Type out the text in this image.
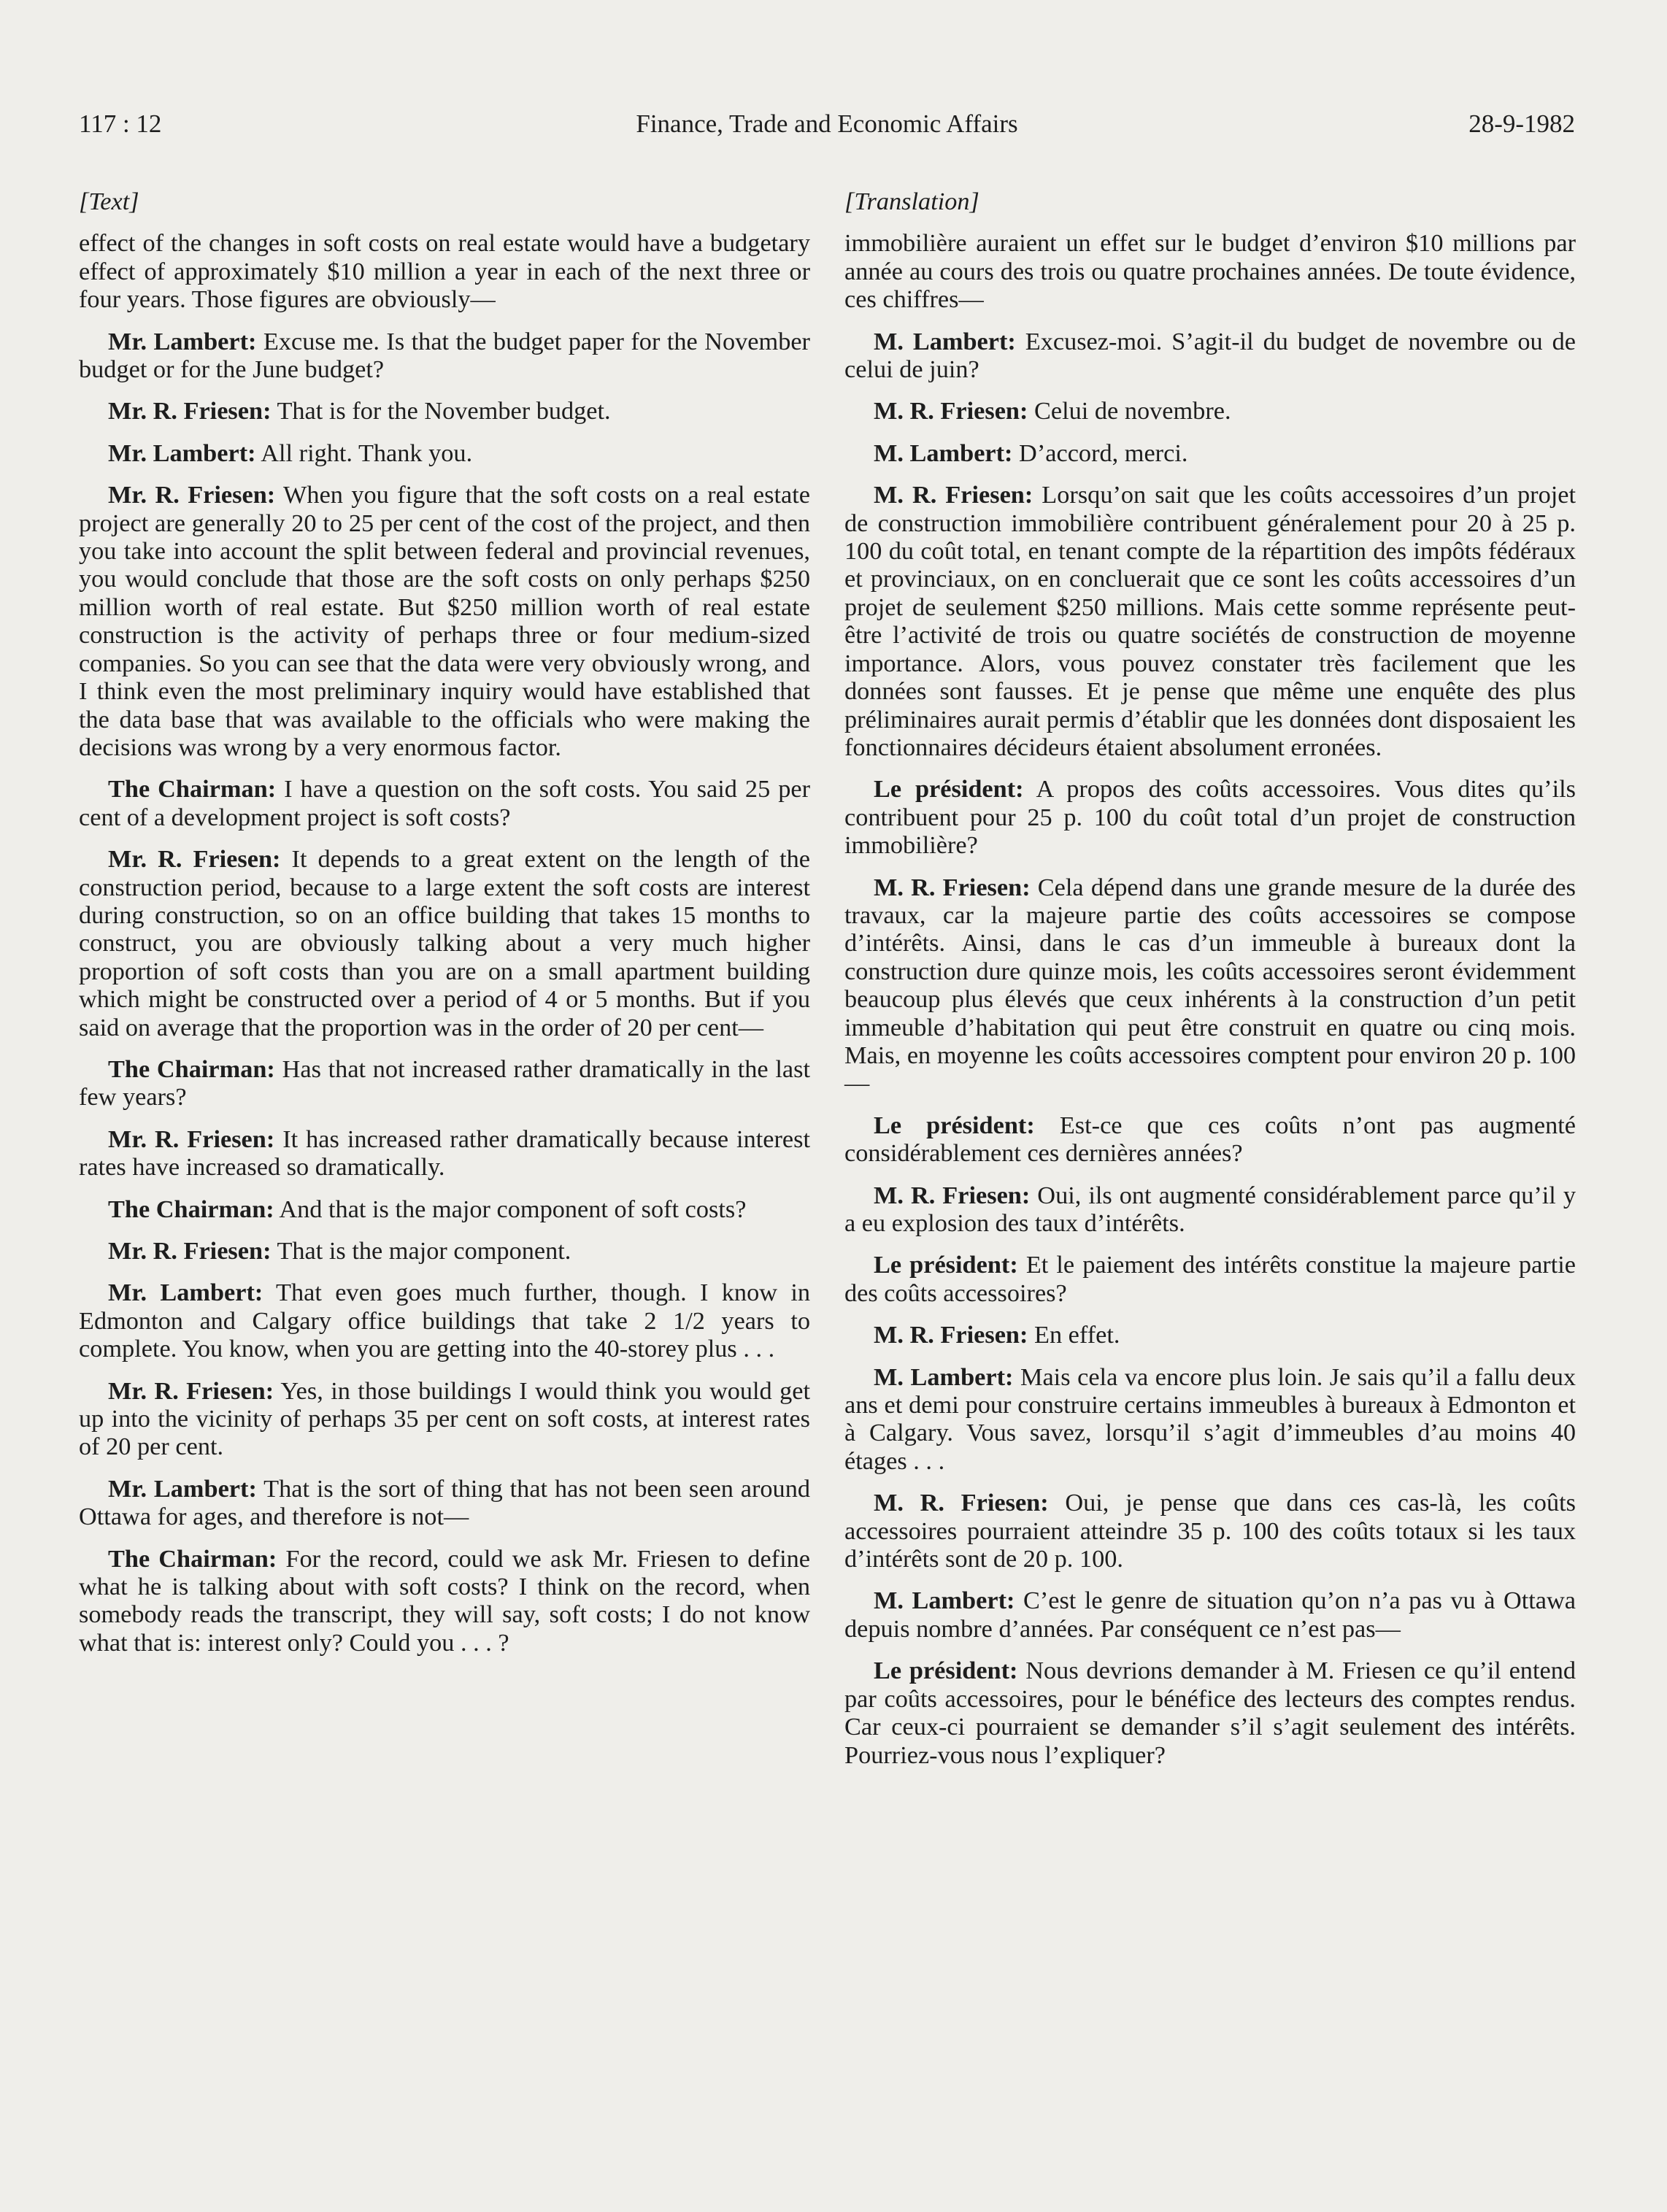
117 : 12	Finance, Trade and Economic Affairs	28-9-1982

[Text]

effect of the changes in soft costs on real estate would have a budgetary effect of approximately $10 million a year in each of the next three or four years. Those figures are obviously—

Mr. Lambert: Excuse me. Is that the budget paper for the November budget or for the June budget?

Mr. R. Friesen: That is for the November budget.

Mr. Lambert: All right. Thank you.

Mr. R. Friesen: When you figure that the soft costs on a real estate project are generally 20 to 25 per cent of the cost of the project, and then you take into account the split between federal and provincial revenues, you would conclude that those are the soft costs on only perhaps $250 million worth of real estate. But $250 million worth of real estate construction is the activity of perhaps three or four medium-sized companies. So you can see that the data were very obviously wrong, and I think even the most preliminary inquiry would have established that the data base that was available to the officials who were making the decisions was wrong by a very enormous factor.

The Chairman: I have a question on the soft costs. You said 25 per cent of a development project is soft costs?

Mr. R. Friesen: It depends to a great extent on the length of the construction period, because to a large extent the soft costs are interest during construction, so on an office building that takes 15 months to construct, you are obviously talking about a very much higher proportion of soft costs than you are on a small apartment building which might be constructed over a period of 4 or 5 months. But if you said on average that the proportion was in the order of 20 per cent—

The Chairman: Has that not increased rather dramatically in the last few years?

Mr. R. Friesen: It has increased rather dramatically because interest rates have increased so dramatically.

The Chairman: And that is the major component of soft costs?

Mr. R. Friesen: That is the major component.

Mr. Lambert: That even goes much further, though. I know in Edmonton and Calgary office buildings that take 2 1/2 years to complete. You know, when you are getting into the 40-storey plus . . .

Mr. R. Friesen: Yes, in those buildings I would think you would get up into the vicinity of perhaps 35 per cent on soft costs, at interest rates of 20 per cent.

Mr. Lambert: That is the sort of thing that has not been seen around Ottawa for ages, and therefore is not—

The Chairman: For the record, could we ask Mr. Friesen to define what he is talking about with soft costs? I think on the record, when somebody reads the transcript, they will say, soft costs; I do not know what that is: interest only? Could you . . . ?

[Translation]

immobilière auraient un effet sur le budget d’environ $10 millions par année au cours des trois ou quatre prochaines années. De toute évidence, ces chiffres—

M. Lambert: Excusez-moi. S’agit-il du budget de novembre ou de celui de juin?

M. R. Friesen: Celui de novembre.

M. Lambert: D’accord, merci.

M. R. Friesen: Lorsqu’on sait que les coûts accessoires d’un projet de construction immobilière contribuent généralement pour 20 à 25 p. 100 du coût total, en tenant compte de la répartition des impôts fédéraux et provinciaux, on en concluerait que ce sont les coûts accessoires d’un projet de seulement $250 millions. Mais cette somme représente peut-être l’activité de trois ou quatre sociétés de construction de moyenne importance. Alors, vous pouvez constater très facilement que les données sont fausses. Et je pense que même une enquête des plus préliminaires aurait permis d’établir que les données dont disposaient les fonctionnaires décideurs étaient absolument erronées.

Le président: A propos des coûts accessoires. Vous dites qu’ils contribuent pour 25 p. 100 du coût total d’un projet de construction immobilière?

M. R. Friesen: Cela dépend dans une grande mesure de la durée des travaux, car la majeure partie des coûts accessoires se compose d’intérêts. Ainsi, dans le cas d’un immeuble à bureaux dont la construction dure quinze mois, les coûts accessoires seront évidemment beaucoup plus élevés que ceux inhérents à la construction d’un petit immeuble d’habitation qui peut être construit en quatre ou cinq mois. Mais, en moyenne les coûts accessoires comptent pour environ 20 p. 100—

Le président: Est-ce que ces coûts n’ont pas augmenté considérablement ces dernières années?

M. R. Friesen: Oui, ils ont augmenté considérablement parce qu’il y a eu explosion des taux d’intérêts.

Le président: Et le paiement des intérêts constitue la majeure partie des coûts accessoires?

M. R. Friesen: En effet.

M. Lambert: Mais cela va encore plus loin. Je sais qu’il a fallu deux ans et demi pour construire certains immeubles à bureaux à Edmonton et à Calgary. Vous savez, lorsqu’il s’agit d’immeubles d’au moins 40 étages . . .

M. R. Friesen: Oui, je pense que dans ces cas-là, les coûts accessoires pourraient atteindre 35 p. 100 des coûts totaux si les taux d’intérêts sont de 20 p. 100.

M. Lambert: C’est le genre de situation qu’on n’a pas vu à Ottawa depuis nombre d’années. Par conséquent ce n’est pas—

Le président: Nous devrions demander à M. Friesen ce qu’il entend par coûts accessoires, pour le bénéfice des lecteurs des comptes rendus. Car ceux-ci pourraient se demander s’il s’agit seulement des intérêts. Pourriez-vous nous l’expliquer?
